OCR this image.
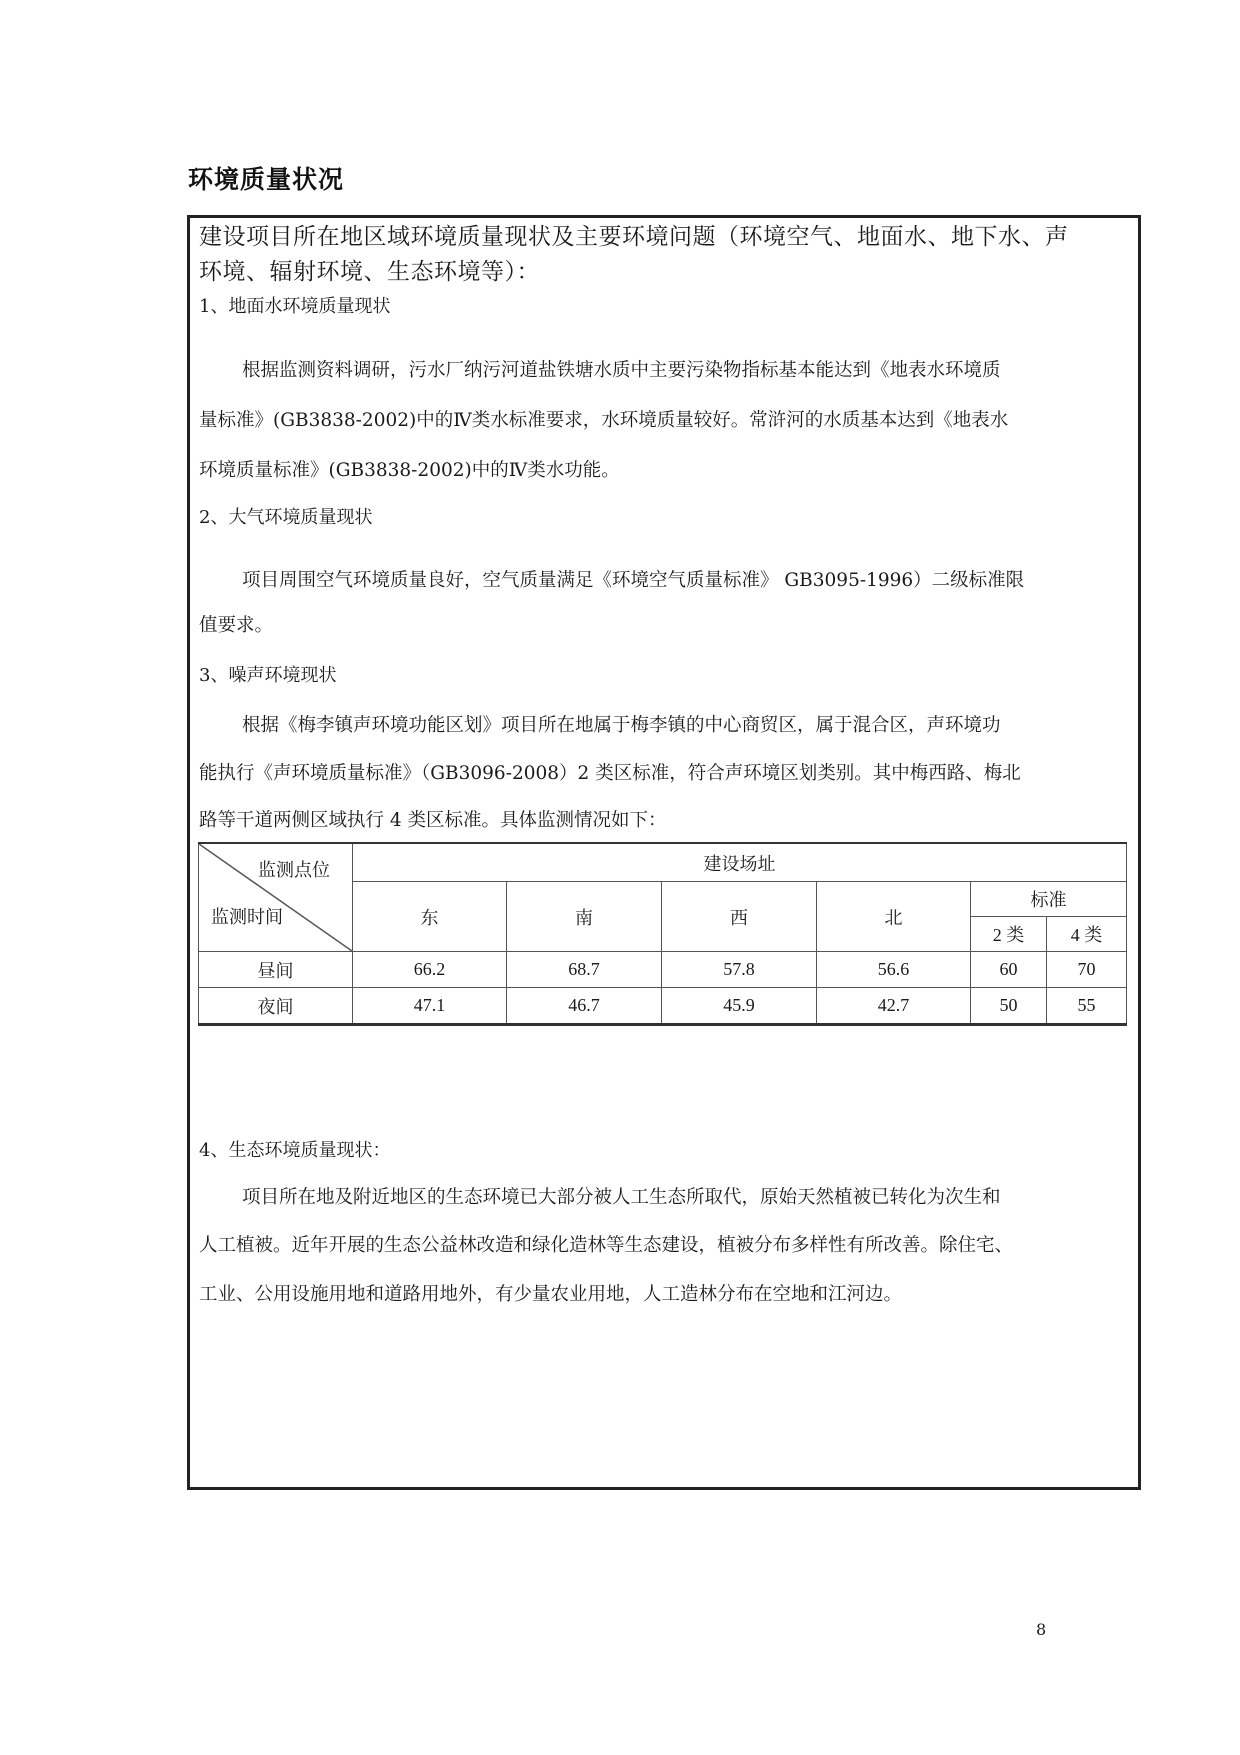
环境质量状况
建设项目所在地区域环境质量现状及主要环境问题（环境空气、地面水、地下水、声
环境、辐射环境、生态环境等）：
1、地面水环境质量现状
根据监测资料调研，污水厂纳污河道盐铁塘水质中主要污染物指标基本能达到《地表水环境质
量标准》(GB3838-2002)中的Ⅳ类水标准要求，水环境质量较好。常浒河的水质基本达到《地表水
环境质量标准》(GB3838-2002)中的Ⅳ类水功能。
2、大气环境质量现状
项目周围空气环境质量良好，空气质量满足《环境空气质量标准》 GB3095-1996）二级标准限
值要求。
3、噪声环境现状
根据《梅李镇声环境功能区划》项目所在地属于梅李镇的中心商贸区，属于混合区，声环境功
能执行《声环境质量标准》（GB3096-2008）2 类区标准，符合声环境区划类别。其中梅西路、梅北
路等干道两侧区域执行 4 类区标准。具体监测情况如下：
监测点位
监测时间	建设场址					
	东	南	西	北	标准	
					2 类	4 类
昼间	66.2	68.7	57.8	56.6	60	70
夜间	47.1	46.7	45.9	42.7	50	55
4、生态环境质量现状：
项目所在地及附近地区的生态环境已大部分被人工生态所取代，原始天然植被已转化为次生和
人工植被。近年开展的生态公益林改造和绿化造林等生态建设，植被分布多样性有所改善。除住宅、
工业、公用设施用地和道路用地外，有少量农业用地，人工造林分布在空地和江河边。
8
